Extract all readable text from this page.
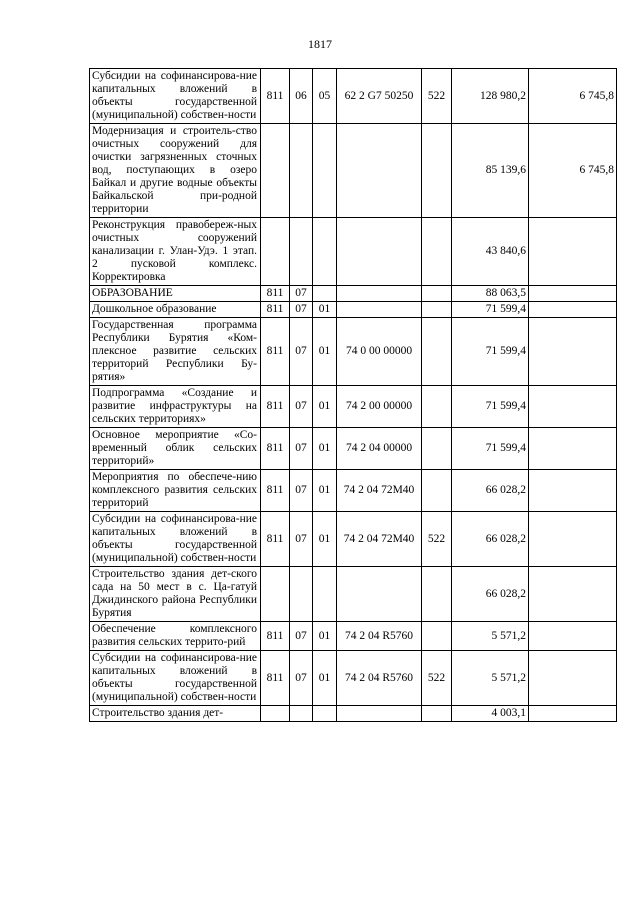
1817
Субсидии на софинансирова-ние капитальных вложений в объекты государственной (муниципальной) собствен-ности	811	06	05	62 2 G7 50250	522	128 980,2	6 745,8
Модернизация и строитель-ство очистных сооружений для очистки загрязненных сточных вод, поступающих в озеро Байкал и другие водные объекты Байкальской при-родной территории						85 139,6	6 745,8
Реконструкция правобереж-ных очистных сооружений канализации г. Улан-Удэ. 1 этап. 2 пусковой комплекс. Корректировка						43 840,6	
ОБРАЗОВАНИЕ	811	07				88 063,5	
Дошкольное образование	811	07	01			71 599,4	
Государственная программа Республики Бурятия «Ком-плексное развитие сельских территорий Республики Бу-рятия»	811	07	01	74 0 00 00000		71 599,4	
Подпрограмма «Создание и развитие инфраструктуры на сельских территориях»	811	07	01	74 2 00 00000		71 599,4	
Основное мероприятие «Со-временный облик сельских территорий»	811	07	01	74 2 04 00000		71 599,4	
Мероприятия по обеспече-нию комплексного развития сельских территорий	811	07	01	74 2 04 72M40		66 028,2	
Субсидии на софинансирова-ние капитальных вложений в объекты государственной (муниципальной) собствен-ности	811	07	01	74 2 04 72M40	522	66 028,2	
Строительство здания дет-ского сада на 50 мест в с. Ца-гатуй Джидинского района Республики Бурятия						66 028,2	
Обеспечение комплексного развития сельских террито-рий	811	07	01	74 2 04 R5760		5 571,2	
Субсидии на софинансирова-ние капитальных вложений в объекты государственной (муниципальной) собствен-ности	811	07	01	74 2 04 R5760	522	5 571,2	
Строительство здания дет-						4 003,1	
